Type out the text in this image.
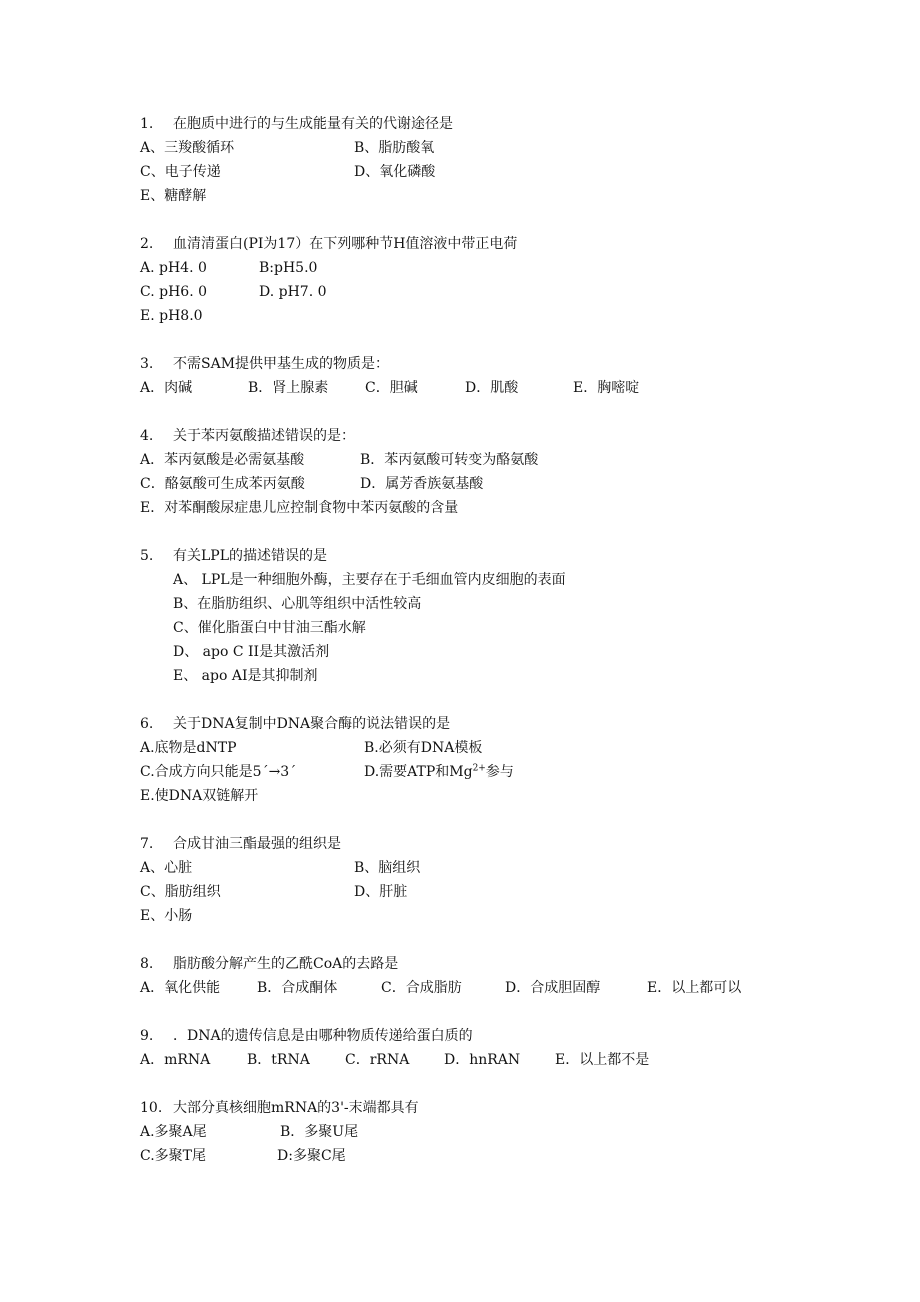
1. 在胞质中进行的与生成能量有关的代谢途径是
A、三羧酸循环	B、脂肪酸氧
C、电子传递	D、氧化磷酸
E、糖酵解
2. 血清清蛋白(PI为17）在下列哪种节H值溶液中带正电荷
A. pH4. 0	B:pH5.0
C. pH6. 0	D. pH7. 0
E. pH8.0
3. 不需SAM提供甲基生成的物质是：
A．肉碱	B．肾上腺素	C．胆碱	D．肌酸	E．胸嘧啶
4. 关于苯丙氨酸描述错误的是：
A．苯丙氨酸是必需氨基酸	B．苯丙氨酸可转变为酪氨酸
C．酪氨酸可生成苯丙氨酸	D．属芳香族氨基酸
E．对苯酮酸尿症患儿应控制食物中苯丙氨酸的含量
5. 有关LPL的描述错误的是
A、 LPL是一种细胞外酶，主要存在于毛细血管内皮细胞的表面
B、在脂肪组织、心肌等组织中活性较高
C、催化脂蛋白中甘油三酯水解
D、 apo C II是其激活剂
E、 apo AⅠ是其抑制剂
6. 关于DNA复制中DNA聚合酶的说法错误的是
A.底物是dNTP	B.必须有DNA模板
C.合成方向只能是5´→3´	D.需要ATP和$Mg^{2+}$参与
E.使DNA双链解开
7. 合成甘油三酯最强的组织是
A、心脏	B、脑组织
C、脂肪组织	D、肝脏
E、小肠
8. 脂肪酸分解产生的乙酰CoA的去路是
A．氧化供能	B．合成酮体	C．合成脂肪	D．合成胆固醇	E．以上都可以
9. ．DNA的遗传信息是由哪种物质传递给蛋白质的
A．mRNA	B．tRNA	C．rRNA D．hnRAN E．以上都不是
10. 大部分真核细胞mRNA的3'-末端都具有
A.多聚A尾	B．多聚U尾
C.多聚T尾	D:多聚C尾
